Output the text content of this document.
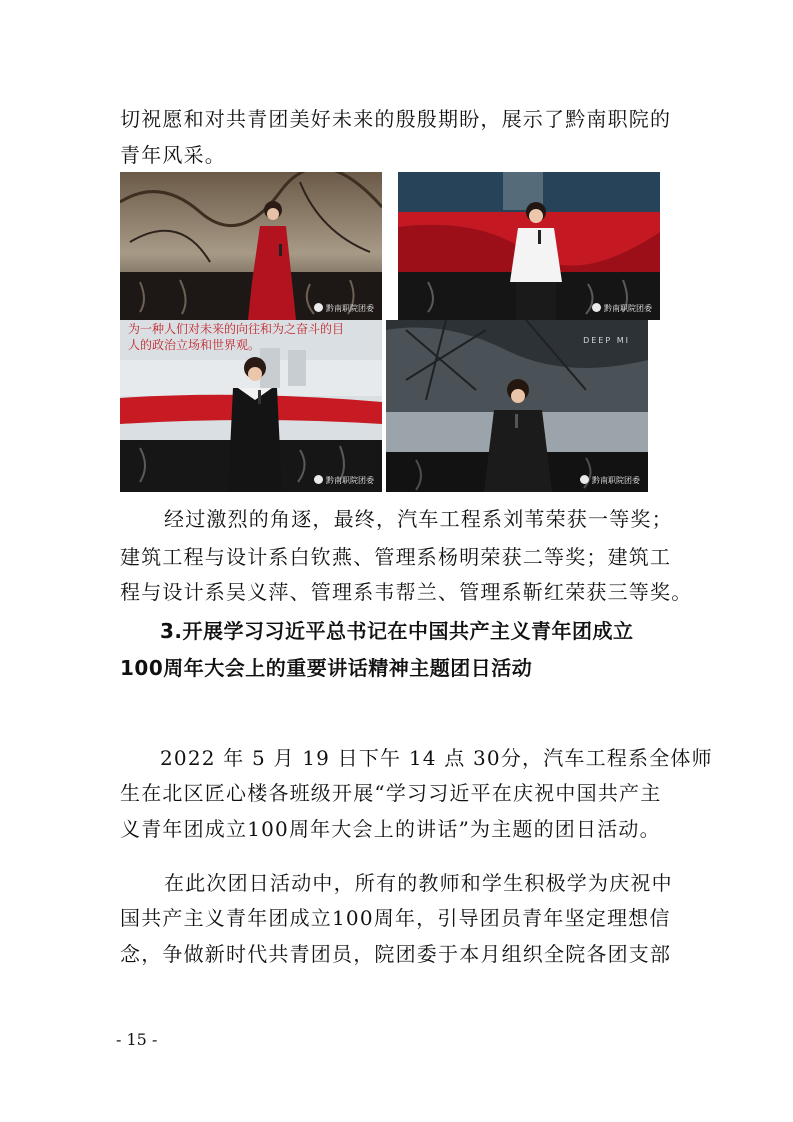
切祝愿和对共青团美好未来的殷殷期盼，展示了黔南职院的
青年风采。
黔南职院团委	黔南职院团委
为一种人们对未来的向往和为之奋斗的目
人的政治立场和世界观。
黔南职院团委
DEEP MI
黔南职院团委
经过激烈的角逐，最终，汽车工程系刘苇荣获一等奖；
建筑工程与设计系白钦燕、管理系杨明荣获二等奖；建筑工
程与设计系吴义萍、管理系韦帮兰、管理系靳红荣获三等奖。
3.开展学习习近平总书记在中国共产主义青年团成立
100周年大会上的重要讲话精神主题团日活动
2022 年 5 月 19 日下午 14 点 30分，汽车工程系全体师
生在北区匠心楼各班级开展“学习习近平在庆祝中国共产主
义青年团成立100周年大会上的讲话”为主题的团日活动。
在此次团日活动中，所有的教师和学生积极学为庆祝中
国共产主义青年团成立100周年，引导团员青年坚定理想信
念，争做新时代共青团员，院团委于本月组织全院各团支部
- 15 -
